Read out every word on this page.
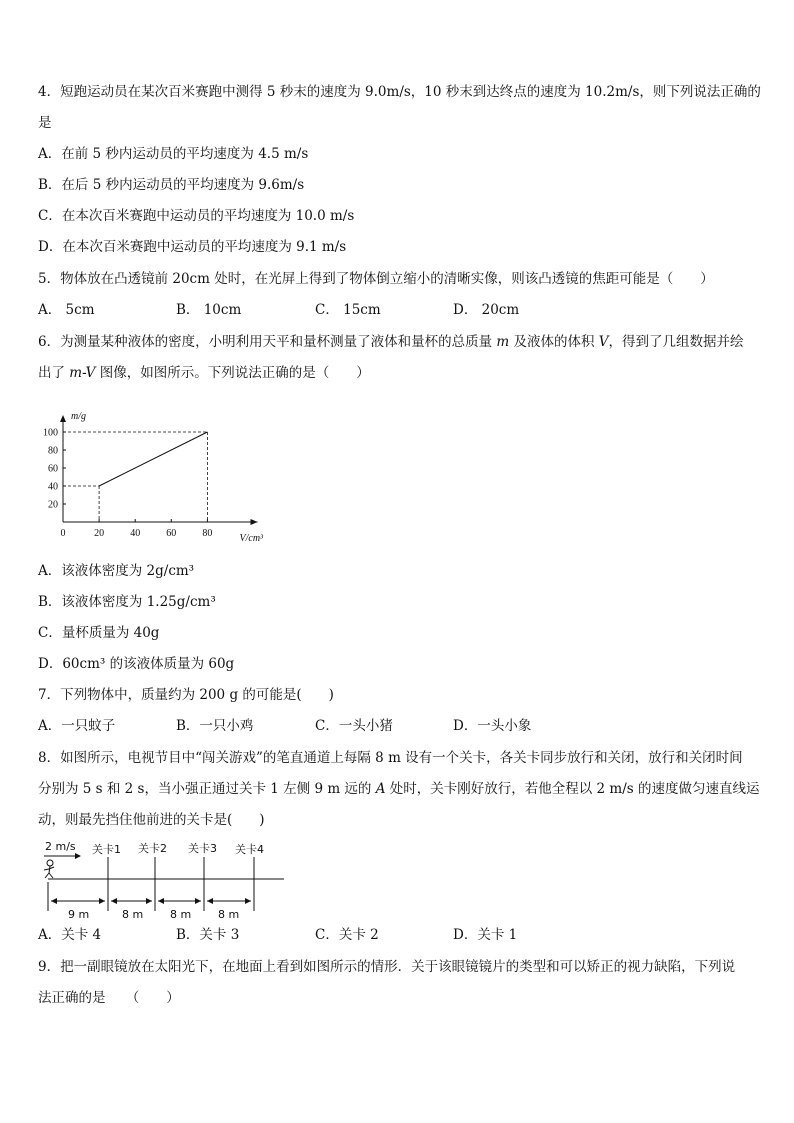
4．短跑运动员在某次百米赛跑中测得 5 秒末的速度为 9.0m/s，10 秒末到达终点的速度为 10.2m/s，则下列说法正确的
是
A．在前 5 秒内运动员的平均速度为 4.5 m/s
B．在后 5 秒内运动员的平均速度为 9.6m/s
C．在本次百米赛跑中运动员的平均速度为 10.0 m/s
D．在本次百米赛跑中运动员的平均速度为 9.1 m/s
5．物体放在凸透镜前 20cm 处时，在光屏上得到了物体倒立缩小的清晰实像，则该凸透镜的焦距可能是（　　）
A． 5cm	B． 10cm	C． 15cm	D． 20cm
6．为测量某种液体的密度，小明利用天平和量杯测量了液体和量杯的总质量 m 及液体的体积 V，得到了几组数据并绘
出了 m-V 图像，如图所示。下列说法正确的是（　　）
0	20	40	60	80
20
40
60
80
100
m/g
V/cm³
A．该液体密度为 2g/cm³
B．该液体密度为 1.25g/cm³
C．量杯质量为 40g
D．60cm³ 的该液体质量为 60g
7．下列物体中，质量约为 200 g 的可能是(　　)
A．一只蚊子	B．一只小鸡	C．一头小猪	D．一头小象
8．如图所示，电视节目中“闯关游戏”的笔直通道上每隔 8 m 设有一个关卡，各关卡同步放行和关闭，放行和关闭时间
分别为 5 s 和 2 s，当小强正通过关卡 1 左侧 9 m 远的 A 处时，关卡刚好放行，若他全程以 2 m/s 的速度做匀速直线运
动，则最先挡住他前进的关卡是(　　)
2 m/s 关卡1 关卡2 关卡3 关卡4
9 m	8 m 8 m 8 m
A．关卡 4	B．关卡 3	C．关卡 2	D．关卡 1
9．把一副眼镜放在太阳光下，在地面上看到如图所示的情形．关于该眼镜镜片的类型和可以矫正的视力缺陷，下列说
法正确的是　　（　　）
